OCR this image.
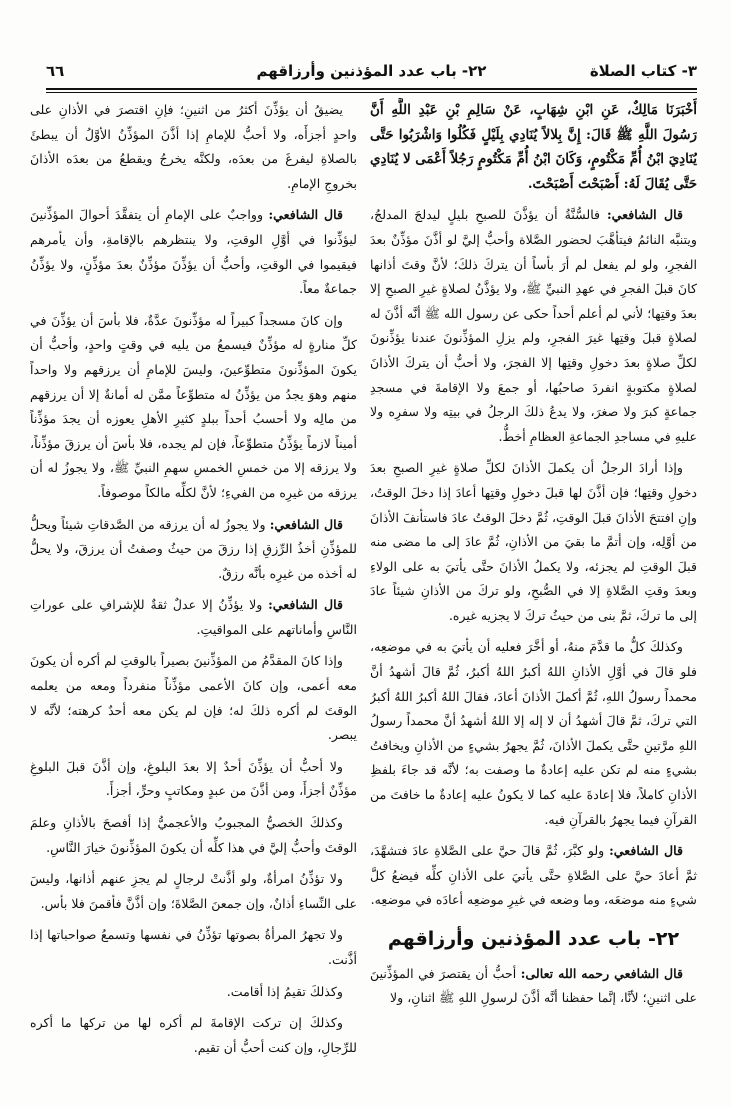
٣- كتاب الصلاة
٢٢- باب عدد المؤذنين وأرزاقهم
٦٦

أَخْبَرَنَا مَالِكٌ، عَنِ ابْنِ شِهَابٍ، عَنْ سَالِمِ بْنِ عَبْدِ اللَّهِ أَنَّ رَسُولَ اللَّهِ ﷺ قَالَ: إِنَّ بِلالاً يُنَادِي بِلَيْلٍ فَكُلُوا وَاشْرَبُوا حَتَّى يُنَادِيَ ابْنُ أُمِّ مَكْتُومٍ، وَكَانَ ابْنُ أُمِّ مَكْتُومٍ رَجُلاً أَعْمَى لا يُنَادِي حَتَّى يُقَالَ لَهُ: أَصْبَحْتَ أَصْبَحْتَ.

قال الشافعي: فالسُّنَّةُ أن يؤذَّنَ للصبحِ بليلٍ ليدلجَ المدلجُ، ويتنبَّه النائمُ فيتأهَّبَ لحضور الصَّلاة وأحبُّ إليَّ لو أذَّنَ مؤذِّنٌ بعدَ الفجرِ، ولو لم يفعل لم أرَ بأساً أن يتركَ ذلكَ؛ لأنَّ وقتَ أذانها كانَ قبلَ الفجرِ في عهدِ النبيِّ ﷺ، ولا يؤذَّنُ لصلاةٍ غيرِ الصبحِ إلا بعدَ وقتِها؛ لأني لم أعلم أحداً حكى عن رسول الله ﷺ أنَّه أذَّنَ له لصلاةٍ قبلَ وقتِها غيرَ الفجرِ، ولم يزلِ المؤذِّنونَ عندنا يؤذِّنونَ لكلِّ صلاةٍ بعدَ دخولِ وقتِها إلا الفجرَ، ولا أحبُّ أن يتركَ الأذانَ لصلاةٍ مكتوبةٍ انفردَ صاحبُها، أو جمعَ ولا الإقامةَ في مسجدِ جماعةٍ كبرَ ولا صغرَ، ولا يدعُ ذلكَ الرجلُ في بيتِه ولا سفرِه ولا عليهِ في مساجدِ الجماعةِ العظامِ أخطُّ.

وإذا أرادَ الرجلُ أن يكملَ الأذانَ لكلِّ صلاةٍ غيرِ الصبحِ بعدَ دخولِ وقتِها؛ فإن أذَّنَ لها قبلَ دخولِ وقتِها أعادَ إذا دخلَ الوقتُ، وإنِ افتتحَ الأذانَ قبلَ الوقتِ، ثُمَّ دخلَ الوقتُ عادَ فاستأنفَ الأذانَ من أوَّلِه، وإن أتمَّ ما بقيَ من الأذانِ، ثُمَّ عادَ إلى ما مضى منه قبلَ الوقتِ لم يجزئه، ولا يكملُ الأذانَ حتَّى يأتيَ به على الولاءِ وبعدَ وقتِ الصَّلاةِ إلا في الصُّبحِ، ولو تركَ من الأذانِ شيئاً عادَ إلى ما تركَ، ثمَّ بنى من حيثُ تركَ لا يجزيه غيره.

وكذلكَ كلُّ ما قدَّمَ منهُ، أو أخَّرَ فعليه أن يأتيَ به في موضعِه، فلو قالَ في أوَّلِ الأذانِ اللهُ أكبرُ اللهُ أكبرُ، ثُمَّ قالَ أشهدُ أنَّ محمداً رسولُ اللهِ، ثُمَّ أكملَ الأذانَ أعادَ، فقالَ اللهُ أكبرُ اللهُ أكبرُ التي تركَ، ثمَّ قالَ أشهدُ أن لا إله إلا اللهُ أشهدُ أنَّ محمداً رسولُ اللهِ مرَّتينِ حتَّى يكملَ الأذانَ، ثُمَّ يجهرُ بشيءٍ من الأذانِ ويخافتُ بشيءٍ منه لم تكن عليه إعادةٌ ما وصفت به؛ لأنَّه قد جاءَ بلفظِ الأذانِ كاملاً، فلا إعادةَ عليه كما لا يكونُ عليه إعادةٌ ما خافتَ من القرآنِ فيما يجهرُ بالقرآنِ فيه.

قال الشافعي: ولو كبَّرَ، ثُمَّ قالَ حيَّ على الصَّلاةِ عادَ فتشهَّدَ، ثمَّ أعادَ حيَّ على الصَّلاةِ حتَّى يأتيَ على الأذانِ كلِّه فيضعُ كلَّ شيءٍ منه موضعَه، وما وضعه في غيرِ موضعِه أعادَه في موضعِه.

٢٢- باب عدد المؤذنين وأرزاقهم

قال الشافعي رحمه الله تعالى: أحبُّ أن يقتصرَ في المؤذِّنينَ على اثنينِ؛ لأنَّا، إنَّما حفظنا أنَّه أذَّنَ لرسولِ اللهِ ﷺ اثنانِ، ولا

يضيقُ أن يؤذِّنَ أكثرُ من اثنينِ؛ فإنِ اقتصرَ في الأذانِ على واحدٍ أجزأَه، ولا أحبُّ للإمامِ إذا أذَّنَ المؤذِّنُ الأوَّلُ أن يبطئَ بالصلاةِ ليفرغَ من بعدَه، ولكنَّه يخرجُ ويقطعُ من بعدَه الأذانَ بخروجِ الإمامِ.

قال الشافعي: وواجبٌ على الإمامِ أن يتفقَّدَ أحوالَ المؤذِّنينَ ليؤذِّنوا في أوَّلِ الوقتِ، ولا ينتظرهم بالإقامةِ، وأن يأمرهم فيقيموا في الوقتِ، وأحبُّ أن يؤذِّنَ مؤذِّنٌ بعدَ مؤذِّنٍ، ولا يؤذِّنُ جماعةٌ معاً.

وإن كانَ مسجداً كبيراً له مؤذِّنونَ عدَّةٌ، فلا بأسَ أن يؤذِّنَ في كلِّ منارةٍ له مؤذِّنٌ فيسمعُ من يليه في وقتٍ واحدٍ، وأحبُّ أن يكونَ المؤذِّنونَ متطوِّعينَ، وليسَ للإمامِ أن يرزقهم ولا واحداً منهم وهوَ يجدُ من يؤذِّنُ له متطوِّعاً ممَّن له أمانةٌ إلا أن يرزقهم من مالِه ولا أحسبُ أحداً ببلدٍ كثيرِ الأهلِ يعوزه أن يجدَ مؤذِّناً أميناً لازماً يؤذِّنُ متطوِّعاً، فإن لم يجده، فلا بأسَ أن يرزقَ مؤذِّناً، ولا يرزقه إلا من خمسِ الخمسِ سهمِ النبيِّ ﷺ، ولا يجوزُ له أن يرزقه من غيرِه من الفيءِ؛ لأنَّ لكلِّه مالكاً موصوفاً.

قال الشافعي: ولا يجوزُ له أن يرزقه من الصَّدقاتِ شيئاً ويحلُّ للمؤذِّنِ أخذُ الرِّزقِ إذا رزقَ من حيثُ وصفتُ أن يرزقَ، ولا يحلُّ له أخذه من غيرِه بأنَّه رزقٌ.

قال الشافعي: ولا يؤذِّنُ إلا عدلٌ ثقةٌ للإشرافِ على عوراتِ النَّاسِ وأماناتهم على المواقيتِ.

وإذا كانَ المقدَّمُ من المؤذِّنينَ بصيراً بالوقتِ لم أكره أن يكونَ معه أعمى، وإن كانَ الأعمى مؤذِّناً منفرداً ومعه من يعلمه الوقتَ لم أكره ذلكَ له؛ فإن لم يكن معه أحدٌ كرهته؛ لأنَّه لا يبصر.

ولا أحبُّ أن يؤذِّنَ أحدٌ إلا بعدَ البلوغِ، وإن أذَّنَ قبلَ البلوغِ مؤذِّنٌ أجزأَ، ومن أذَّنَ من عبدٍ ومكاتبٍ وحرٍّ، أجزأَ.

وكذلكَ الخصيُّ المجبوبُ والأعجميُّ إذا أفصحَ بالأذانِ وعلمَ الوقتَ وأحبُّ إليَّ في هذا كلِّه أن يكونَ المؤذِّنونَ خيارَ النَّاسِ.

ولا تؤذِّنُ امرأةٌ، ولو أذَّنتْ لرجالٍ لم يجزِ عنهم أذانها، وليسَ على النِّساءِ أذانٌ، وإن جمعنَ الصَّلاةَ؛ وإن أذَّنَّ فأقمنَ فلا بأس.

ولا تجهرُ المرأةُ بصوتها تؤذِّنُ في نفسها وتسمعُ صواحباتها إذا أذَّنت.

وكذلكَ تقيمُ إذا أقامت.

وكذلكَ إن تركت الإقامةَ لم أكره لها من تركها ما أكره للرِّجالِ، وإن كنت أحبُّ أن تقيم.
